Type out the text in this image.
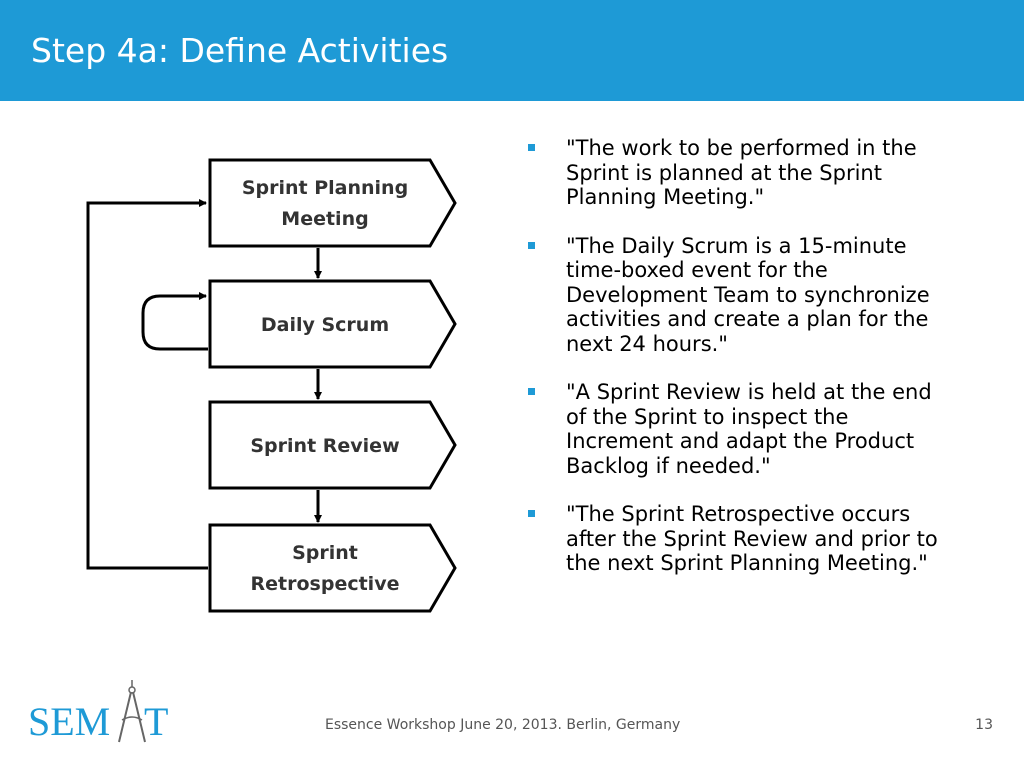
Step 4a: Define Activities
Sprint Planning
Meeting
Daily Scrum
Sprint Review
Sprint
Retrospective
"The work to be performed in the Sprint is planned at the Sprint Planning Meeting."
"The Daily Scrum is a 15-minute time-boxed event for the Development Team to synchronize activities and create a plan for the next 24 hours."
"A Sprint Review is held at the end of the Sprint to inspect the Increment and adapt the Product Backlog if needed."
"The Sprint Retrospective occurs after the Sprint Review and prior to the next Sprint Planning Meeting."
SEM T	Essence Workshop June 20, 2013. Berlin, Germany	13
